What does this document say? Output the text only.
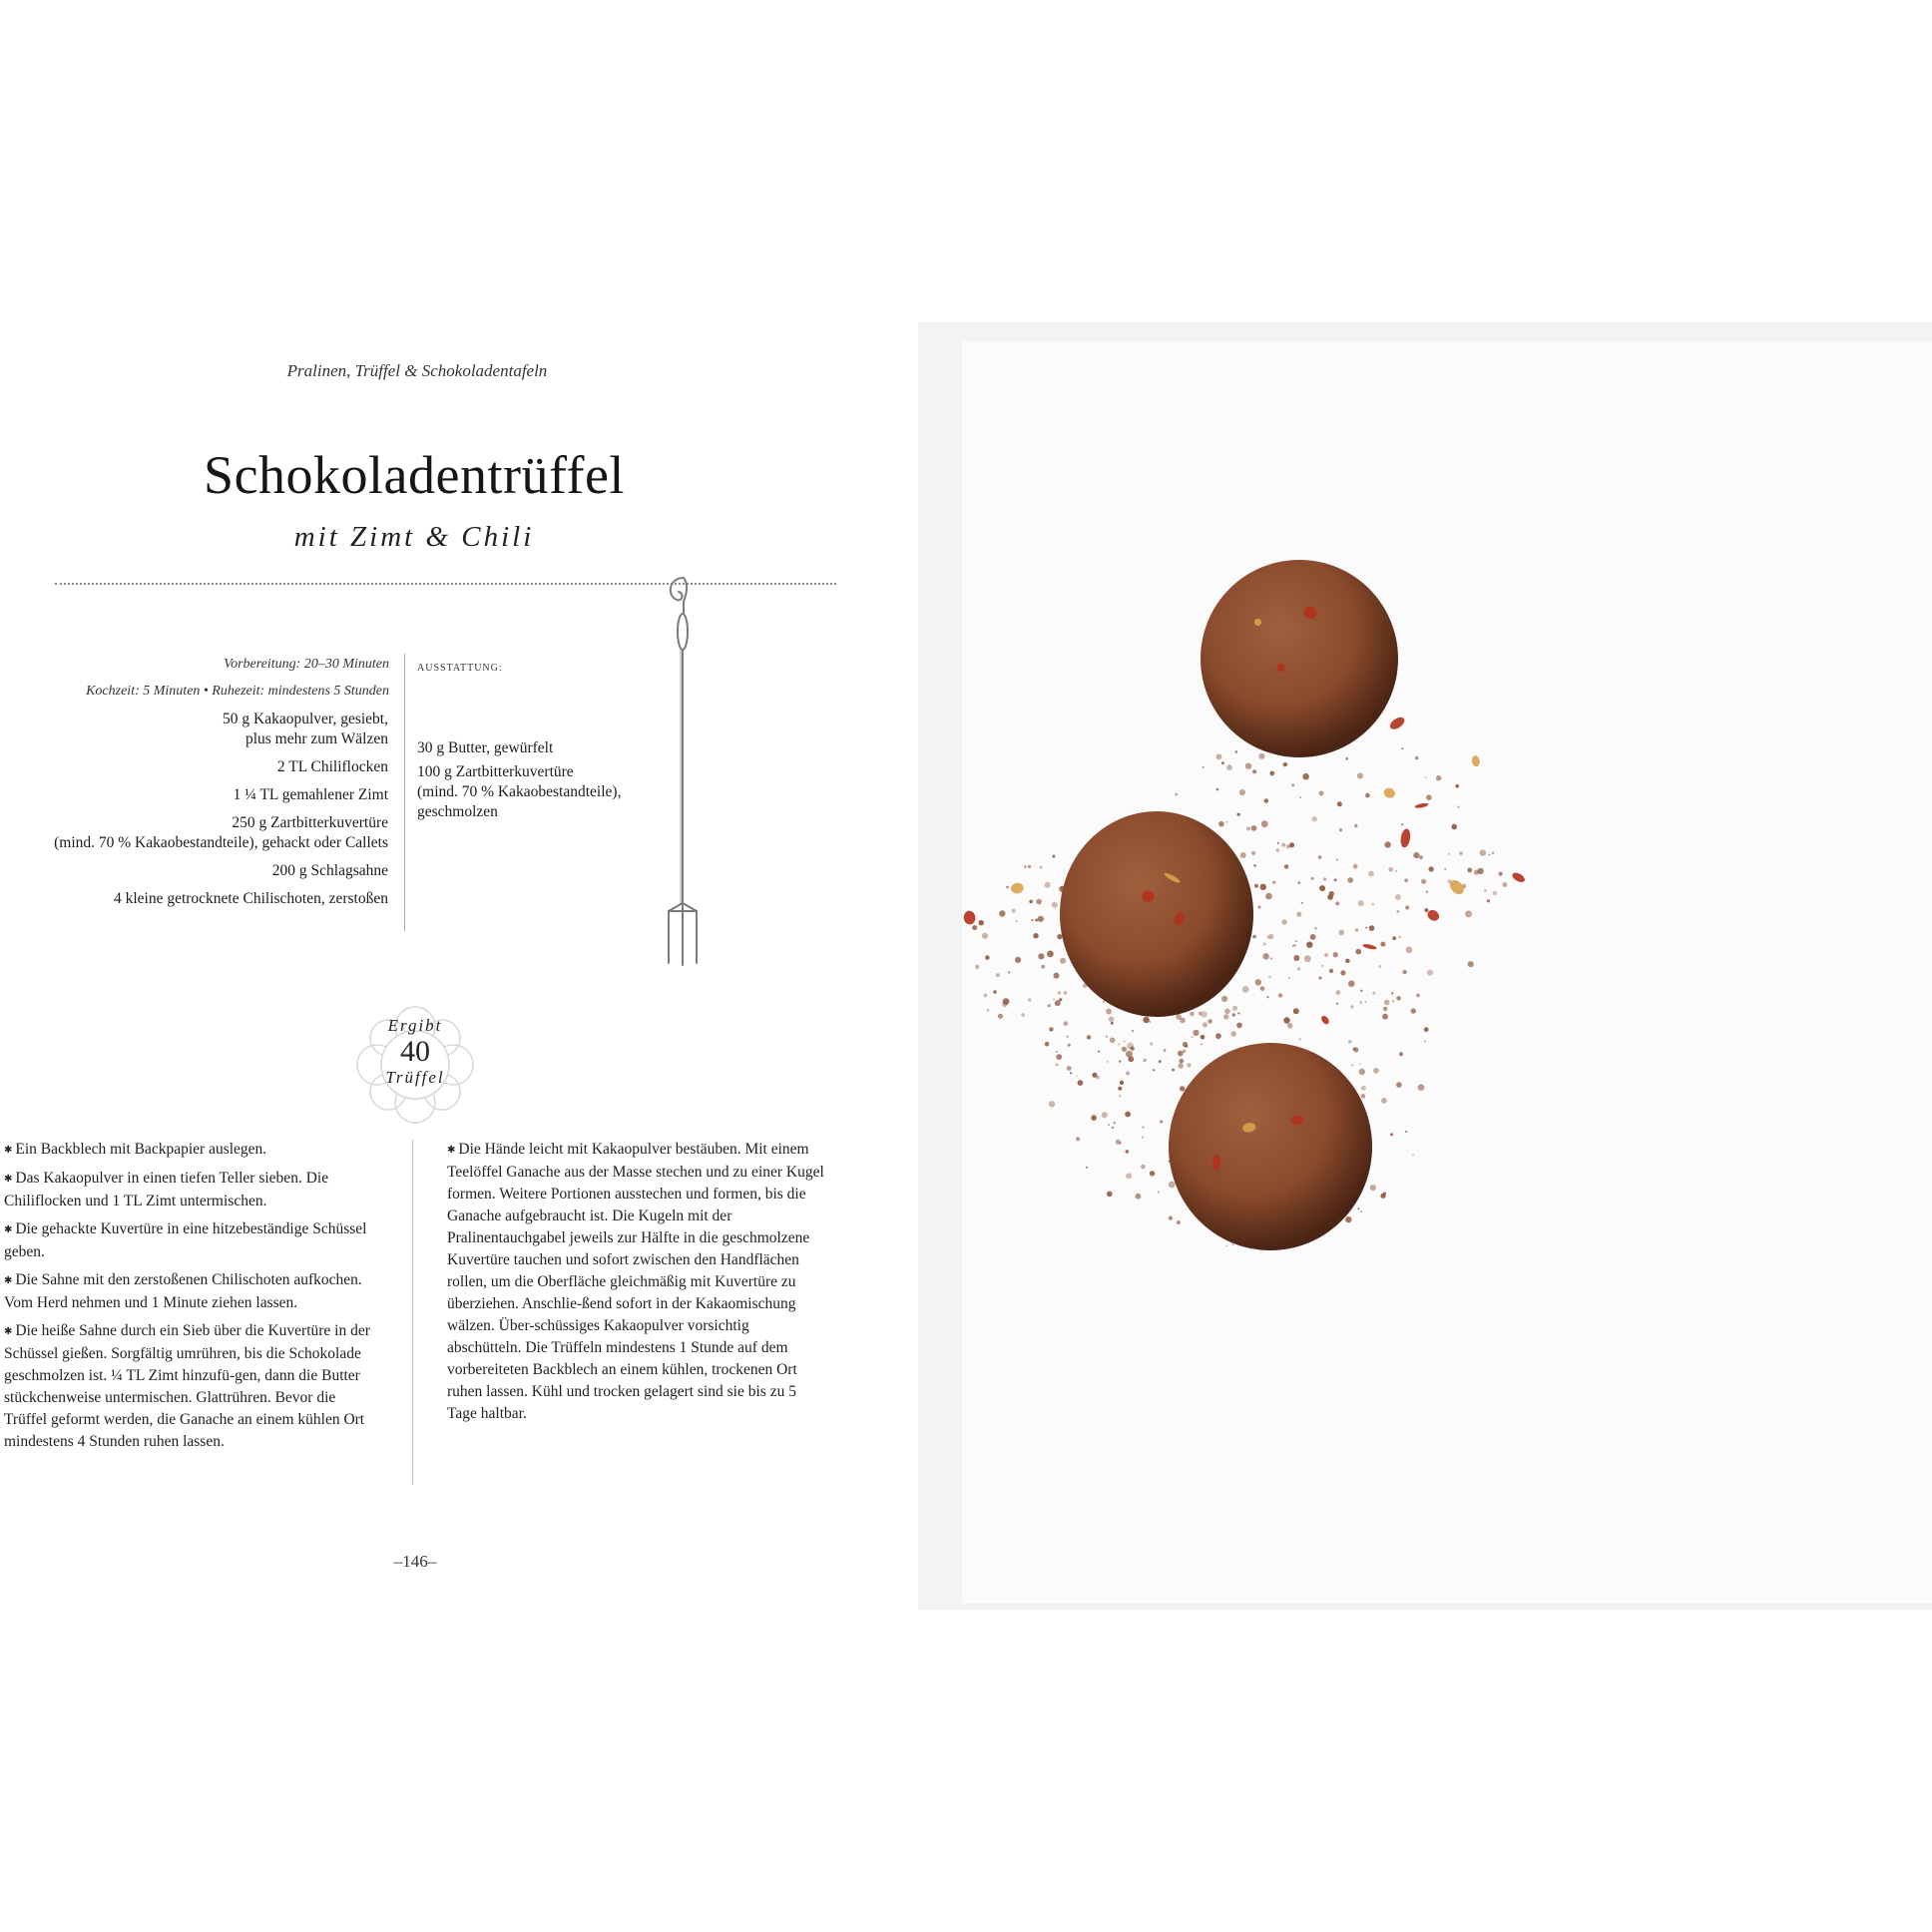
Pralinen, Trüffel & Schokoladentafeln
Schokoladentrüffel
mit Zimt & Chili
Vorbereitung: 20–30 Minuten
Kochzeit: 5 Minuten • Ruhezeit: mindestens 5 Stunden

50 g Kakaopulver, gesiebt,
plus mehr zum Wälzen

2 TL Chiliflocken

1 ¼ TL gemahlener Zimt

250 g Zartbitterkuvertüre
(mind. 70 % Kakaobestandteile), gehackt oder Callets

200 g Schlagsahne

4 kleine getrocknete Chilischoten, zerstoßen

AUSSTATTUNG:

30 g Butter, gewürfelt

100 g Zartbitterkuvertüre
(mind. 70 % Kakaobestandteile),
geschmolzen

Ergibt
40
Trüffel

✱ Ein Backblech mit Backpapier auslegen.

✱ Das Kakaopulver in einen tiefen Teller sieben. Die Chiliflocken und 1 TL Zimt untermischen.

✱ Die gehackte Kuvertüre in eine hitzebeständige Schüssel geben.

✱ Die Sahne mit den zerstoßenen Chilischoten aufkochen. Vom Herd nehmen und 1 Minute ziehen lassen.

✱ Die heiße Sahne durch ein Sieb über die Kuvertüre in der Schüssel gießen. Sorgfältig umrühren, bis die Schokolade geschmolzen ist. ¼ TL Zimt hinzufü-gen, dann die Butter stückchenweise untermischen. Glattrühren. Bevor die Trüffel geformt werden, die Ganache an einem kühlen Ort mindestens 4 Stunden ruhen lassen.

✱ Die Hände leicht mit Kakaopulver bestäuben. Mit einem Teelöffel Ganache aus der Masse stechen und zu einer Kugel formen. Weitere Portionen ausstechen und formen, bis die Ganache aufgebraucht ist. Die Kugeln mit der Pralinentauchgabel jeweils zur Hälfte in die geschmolzene Kuvertüre tauchen und sofort zwischen den Handflächen rollen, um die Oberfläche gleichmäßig mit Kuvertüre zu überziehen. Anschlie-ßend sofort in der Kakaomischung wälzen. Über-schüssiges Kakaopulver vorsichtig abschütteln. Die Trüffeln mindestens 1 Stunde auf dem vorbereiteten Backblech an einem kühlen, trockenen Ort ruhen lassen. Kühl und trocken gelagert sind sie bis zu 5 Tage haltbar.

–146–
